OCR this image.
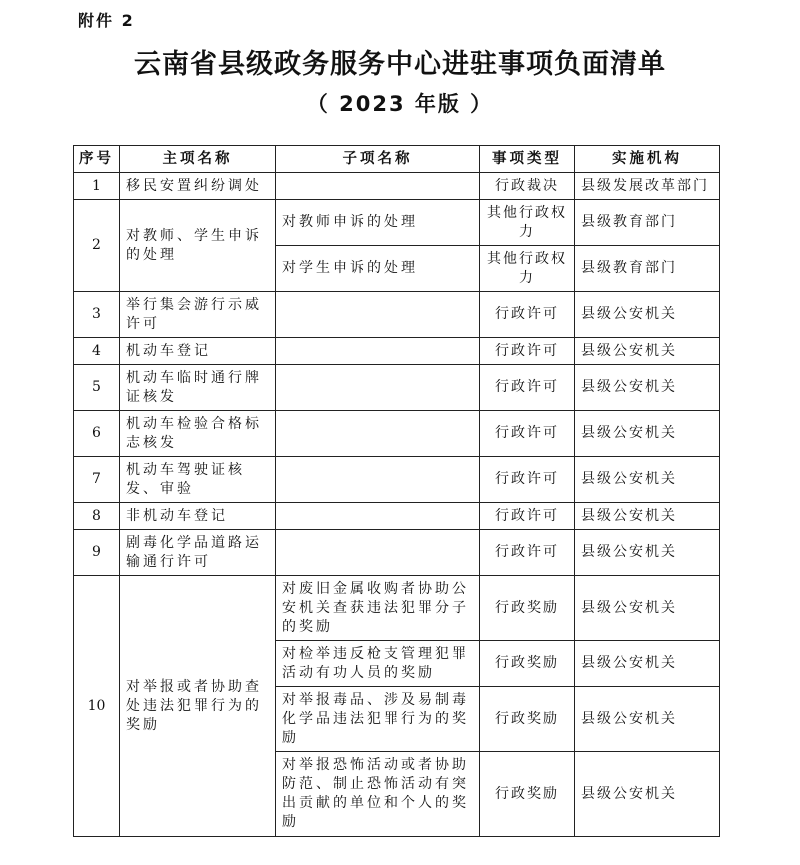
附件 2
云南省县级政务服务中心进驻事项负面清单
（ 2023 年版 ）
序号	主项名称	子项名称	事项类型	实施机构
1	移民安置纠纷调处		行政裁决	县级发展改革部门
2	对教师、学生申诉的处理	对教师申诉的处理	其他行政权力	县级教育部门
		对学生申诉的处理	其他行政权力	县级教育部门
3	举行集会游行示威许可		行政许可	县级公安机关
4	机动车登记		行政许可	县级公安机关
5	机动车临时通行牌证核发		行政许可	县级公安机关
6	机动车检验合格标志核发		行政许可	县级公安机关
7	机动车驾驶证核发、审验		行政许可	县级公安机关
8	非机动车登记		行政许可	县级公安机关
9	剧毒化学品道路运输通行许可		行政许可	县级公安机关
10	对举报或者协助查处违法犯罪行为的奖励	对废旧金属收购者协助公安机关查获违法犯罪分子的奖励	行政奖励	县级公安机关
		对检举违反枪支管理犯罪活动有功人员的奖励	行政奖励	县级公安机关
		对举报毒品、涉及易制毒化学品违法犯罪行为的奖励	行政奖励	县级公安机关
		对举报恐怖活动或者协助防范、制止恐怖活动有突出贡献的单位和个人的奖励	行政奖励	县级公安机关
